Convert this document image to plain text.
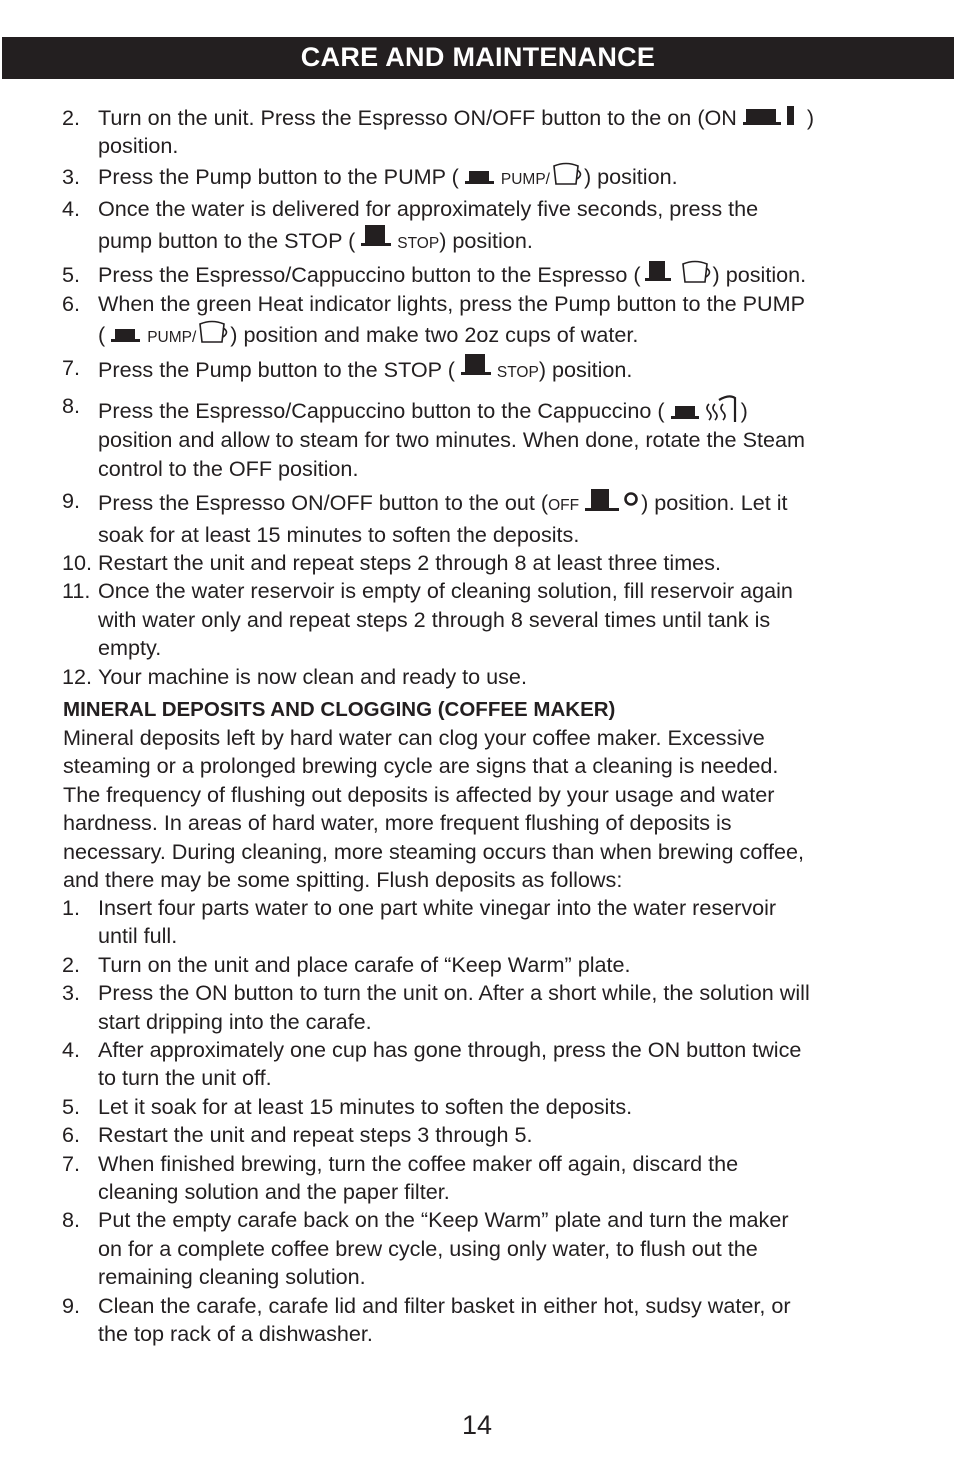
CARE AND MAINTENANCE
2. Turn on the unit. Press the Espresso ON/OFF button to the on (ON	)
position.
3. Press the Pump button to the PUMP (	PUMP/ ) position.
4. Once the water is delivered for approximately five seconds, press the
pump button to the STOP (	STOP) position.
5. Press the Espresso/Cappuccino button to the Espresso (	) position.
6. When the green Heat indicator lights, press the Pump button to the PUMP
(	PUMP/ ) position and make two 2oz cups of water.
7. Press the Pump button to the STOP (	STOP) position.
8. Press the Espresso/Cappuccino button to the Cappuccino (	)
position and allow to steam for two minutes. When done, rotate the Steam
control to the OFF position.
9. Press the Espresso ON/OFF button to the out (OFF	) position. Let it
soak for at least 15 minutes to soften the deposits.
10. Restart the unit and repeat steps 2 through 8 at least three times.
11. Once the water reservoir is empty of cleaning solution, fill reservoir again
with water only and repeat steps 2 through 8 several times until tank is
empty.
12. Your machine is now clean and ready to use.
MINERAL DEPOSITS AND CLOGGING (COFFEE MAKER)
Mineral deposits left by hard water can clog your coffee maker. Excessive
steaming or a prolonged brewing cycle are signs that a cleaning is needed.
The frequency of flushing out deposits is affected by your usage and water
hardness. In areas of hard water, more frequent flushing of deposits is
necessary. During cleaning, more steaming occurs than when brewing coffee,
and there may be some spitting. Flush deposits as follows:
1. Insert four parts water to one part white vinegar into the water reservoir
until full.
2. Turn on the unit and place carafe of “Keep Warm” plate.
3. Press the ON button to turn the unit on. After a short while, the solution will
start dripping into the carafe.
4. After approximately one cup has gone through, press the ON button twice
to turn the unit off.
5. Let it soak for at least 15 minutes to soften the deposits.
6. Restart the unit and repeat steps 3 through 5.
7. When finished brewing, turn the coffee maker off again, discard the
cleaning solution and the paper filter.
8. Put the empty carafe back on the “Keep Warm” plate and turn the maker
on for a complete coffee brew cycle, using only water, to flush out the
remaining cleaning solution.
9. Clean the carafe, carafe lid and filter basket in either hot, sudsy water, or
the top rack of a dishwasher.
14
